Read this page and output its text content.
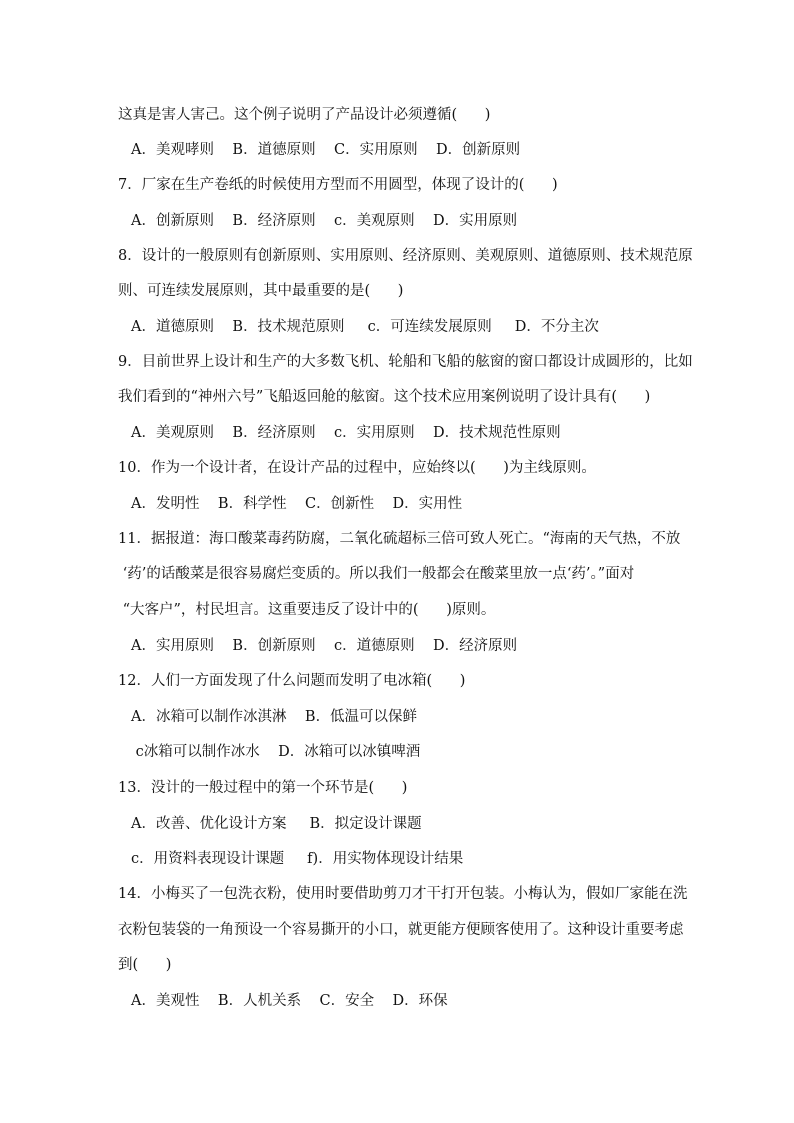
这真是害人害己。这个例子说明了产品设计必须遵循(      )
A．美观哮则    B．道德原则    C．实用原则    D．创新原则
7．厂家在生产卷纸的时候使用方型而不用圆型，体现了设计的(      )
A．创新原则    B．经济原则    c．美观原则    D．实用原则
8．设计的一般原则有创新原则、实用原则、经济原则、美观原则、道德原则、技术规范原
则、可连续发展原则，其中最重要的是(      )
A．道德原则    B．技术规范原则     c．可连续发展原则     D．不分主次
9．目前世界上设计和生产的大多数飞机、轮船和飞船的舷窗的窗口都设计成圆形的，比如
我们看到的“神州六号”飞船返回舱的舷窗。这个技术应用案例说明了设计具有(      )
A．美观原则    B．经济原则    c．实用原则    D．技术规范性原则
10．作为一个设计者，在设计产品的过程中，应始终以(      )为主线原则。
A．发明性    B．科学性    C．创新性    D．实用性
11．据报道：海口酸菜毒药防腐，二氧化硫超标三倍可致人死亡。“海南的天气热，不放
‘药’的话酸菜是很容易腐烂变质的。所以我们一般都会在酸菜里放一点‘药’。”面对
“大客户”，村民坦言。这重要违反了设计中的(      )原则。
A．实用原则    B．创新原则    c．道德原则    D．经济原则
12．人们一方面发现了什么问题而发明了电冰箱(      )
A．冰箱可以制作冰淇淋    B．低温可以保鲜
c冰箱可以制作冰水    D．冰箱可以冰镇啤酒
13．没计的一般过程中的第一个环节是(      )
A．改善、优化设计方案     B．拟定设计课题
c．用资料表现设计课题     f)．用实物体现设计结果
14．小梅买了一包洗衣粉，使用时要借助剪刀才干打开包装。小梅认为，假如厂家能在洗
衣粉包装袋的一角预设一个容易撕开的小口，就更能方便顾客使用了。这种设计重要考虑
到(      )
A．美观性    B．人机关系    C．安全    D．环保
